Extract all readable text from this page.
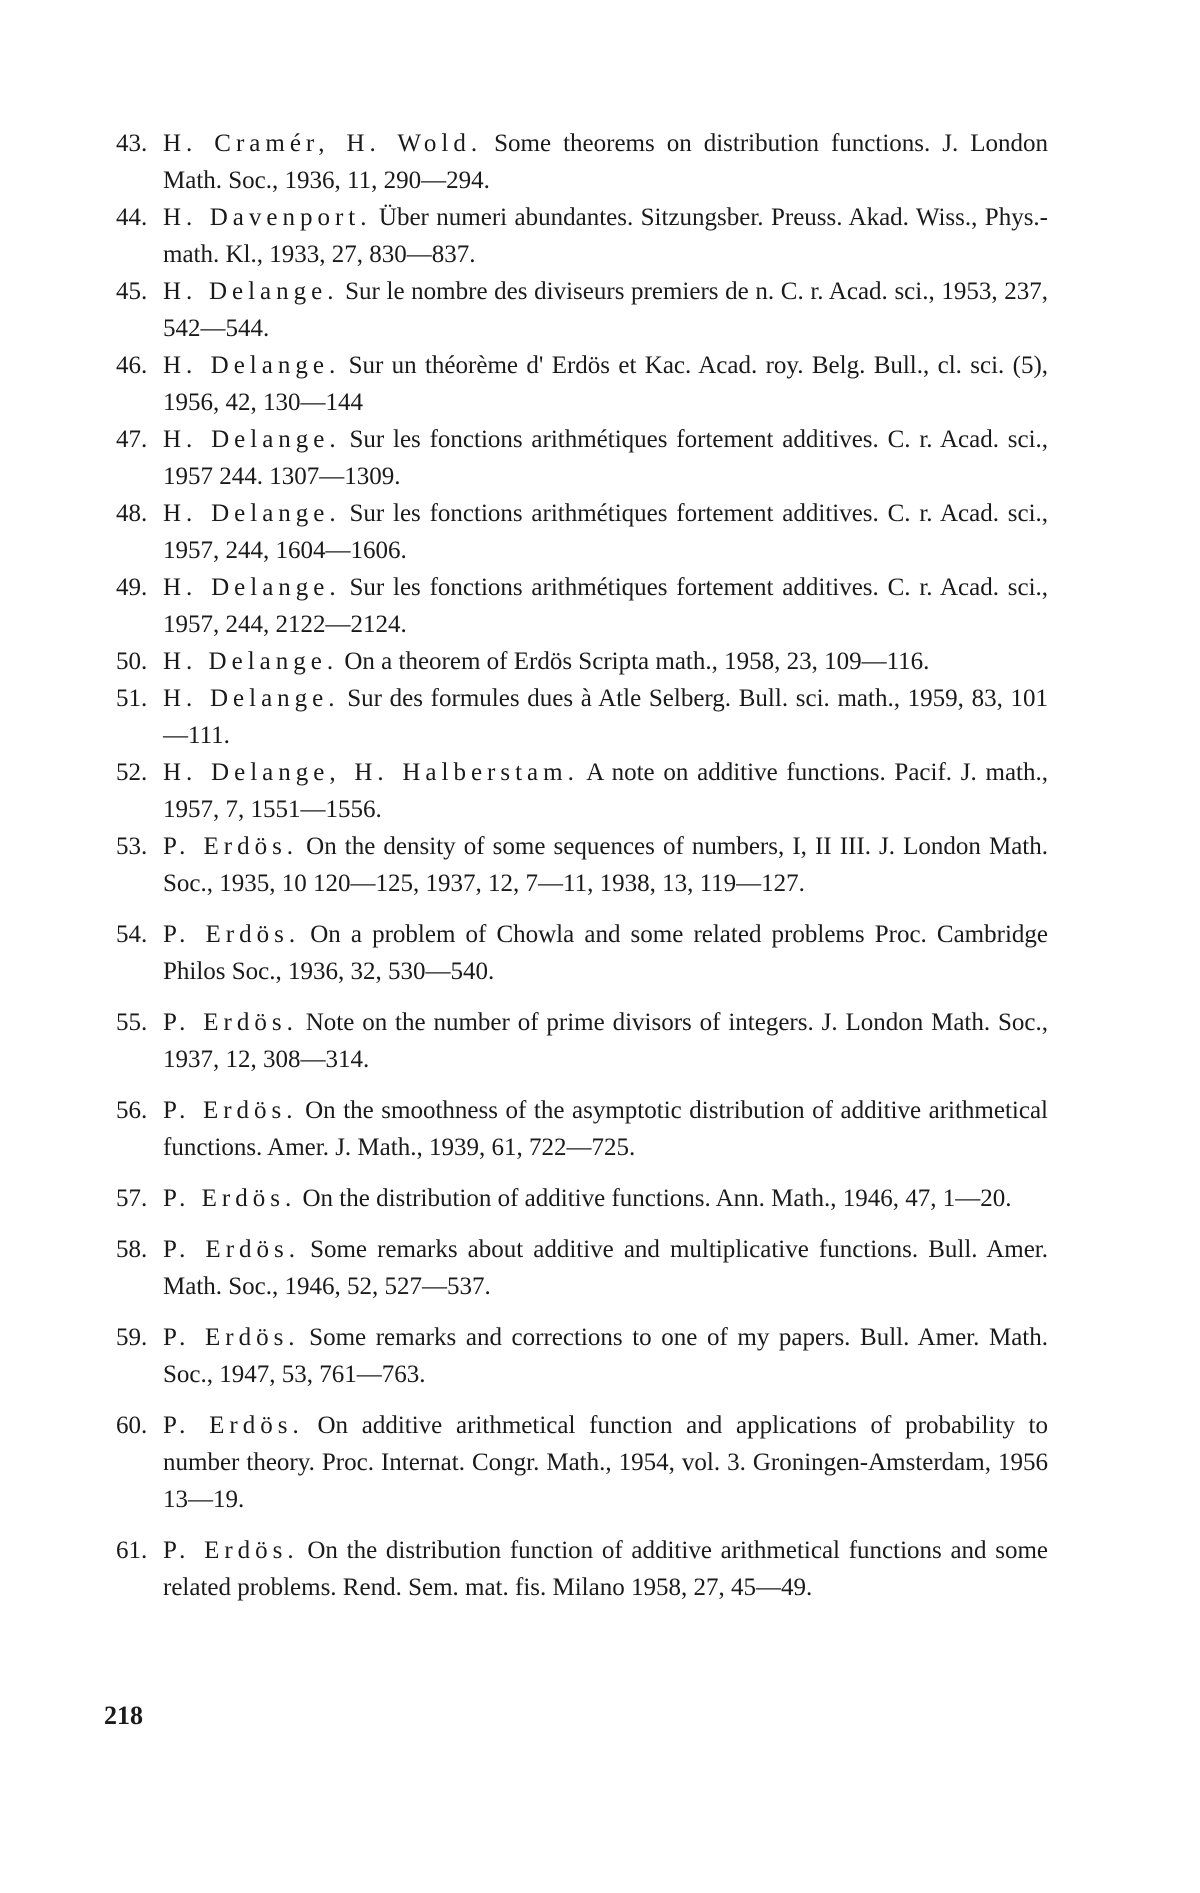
43. H. Cramér, H. Wold. Some theorems on distribution functions. J. London Math. Soc., 1936, 11, 290—294.
44. H. Davenport. Über numeri abundantes. Sitzungsber. Preuss. Akad. Wiss., Phys.-math. Kl., 1933, 27, 830—837.
45. H. Delange. Sur le nombre des diviseurs premiers de n. C. r. Acad. sci., 1953, 237, 542—544.
46. H. Delange. Sur un théorème d' Erdös et Kac. Acad. roy. Belg. Bull., cl. sci. (5), 1956, 42, 130—144
47. H. Delange. Sur les fonctions arithmétiques fortement additives. C. r. Acad. sci., 1957 244. 1307—1309.
48. H. Delange. Sur les fonctions arithmétiques fortement additives. C. r. Acad. sci., 1957, 244, 1604—1606.
49. H. Delange. Sur les fonctions arithmétiques fortement additives. C. r. Acad. sci., 1957, 244, 2122—2124.
50. H. Delange. On a theorem of Erdös Scripta math., 1958, 23, 109—116.
51. H. Delange. Sur des formules dues à Atle Selberg. Bull. sci. math., 1959, 83, 101—111.
52. H. Delange, H. Halberstam. A note on additive functions. Pacif. J. math., 1957, 7, 1551—1556.
53. P. Erdös. On the density of some sequences of numbers, I, II III. J. London Math. Soc., 1935, 10 120—125, 1937, 12, 7—11, 1938, 13, 119—127.
54. P. Erdös. On a problem of Chowla and some related problems Proc. Cambridge Philos Soc., 1936, 32, 530—540.
55. P. Erdös. Note on the number of prime divisors of integers. J. London Math. Soc., 1937, 12, 308—314.
56. P. Erdös. On the smoothness of the asymptotic distribution of additive arithmetical functions. Amer. J. Math., 1939, 61, 722—725.
57. P. Erdös. On the distribution of additive functions. Ann. Math., 1946, 47, 1—20.
58. P. Erdös. Some remarks about additive and multiplicative functions. Bull. Amer. Math. Soc., 1946, 52, 527—537.
59. P. Erdös. Some remarks and corrections to one of my papers. Bull. Amer. Math. Soc., 1947, 53, 761—763.
60. P. Erdös. On additive arithmetical function and applications of probability to number theory. Proc. Internat. Congr. Math., 1954, vol. 3. Groningen-Amsterdam, 1956 13—19.
61. P. Erdös. On the distribution function of additive arithmetical functions and some related problems. Rend. Sem. mat. fis. Milano 1958, 27, 45—49.
218
